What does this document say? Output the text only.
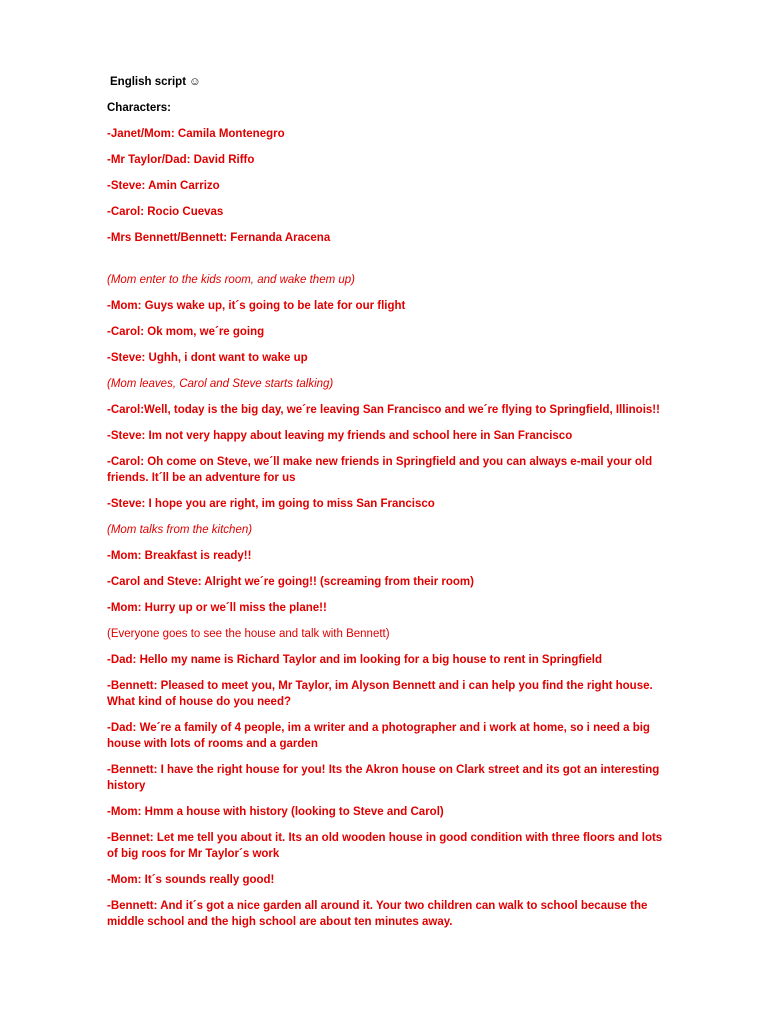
English script ☺
Characters:
-Janet/Mom: Camila Montenegro
-Mr Taylor/Dad: David Riffo
-Steve: Amin Carrizo
-Carol: Rocio Cuevas
-Mrs Bennett/Bennett: Fernanda Aracena
(Mom enter to the kids room, and wake them up)
-Mom: Guys wake up, it´s going to be late for our flight
-Carol: Ok mom, we´re going
-Steve: Ughh, i dont want to wake up
(Mom leaves, Carol and Steve starts talking)
-Carol:Well, today is the big day, we´re leaving San Francisco and we´re flying to Springfield, Illinois!!
-Steve: Im not very happy about leaving my friends and school here in San Francisco
-Carol: Oh come on Steve, we´ll make new friends in Springfield and you can always e-mail your old friends. It´ll be an adventure for us
-Steve: I hope you are right, im going to miss San Francisco
(Mom talks from the kitchen)
-Mom: Breakfast is ready!!
-Carol and Steve: Alright we´re going!! (screaming from their room)
-Mom: Hurry up or we´ll miss the plane!!
(Everyone goes to see the house and talk with Bennett)
-Dad: Hello my name is Richard Taylor and im looking for a big house to rent in Springfield
-Bennett: Pleased to meet you, Mr Taylor, im Alyson Bennett and i can help you find the right house. What kind of house do you need?
-Dad: We´re a family of 4 people, im a writer and a photographer and i work at home, so i need a big house with lots of rooms and a garden
-Bennett: I have the right house for you! Its the Akron house on Clark street and its got an interesting history
-Mom: Hmm a house with history (looking to Steve and Carol)
-Bennet: Let me tell you about it. Its an old wooden house in good condition with three floors and lots of big roos for Mr Taylor´s work
-Mom: It´s sounds really good!
-Bennett: And it´s got a nice garden all around it. Your two children can walk to school because the middle school and the high school are about ten minutes away.
